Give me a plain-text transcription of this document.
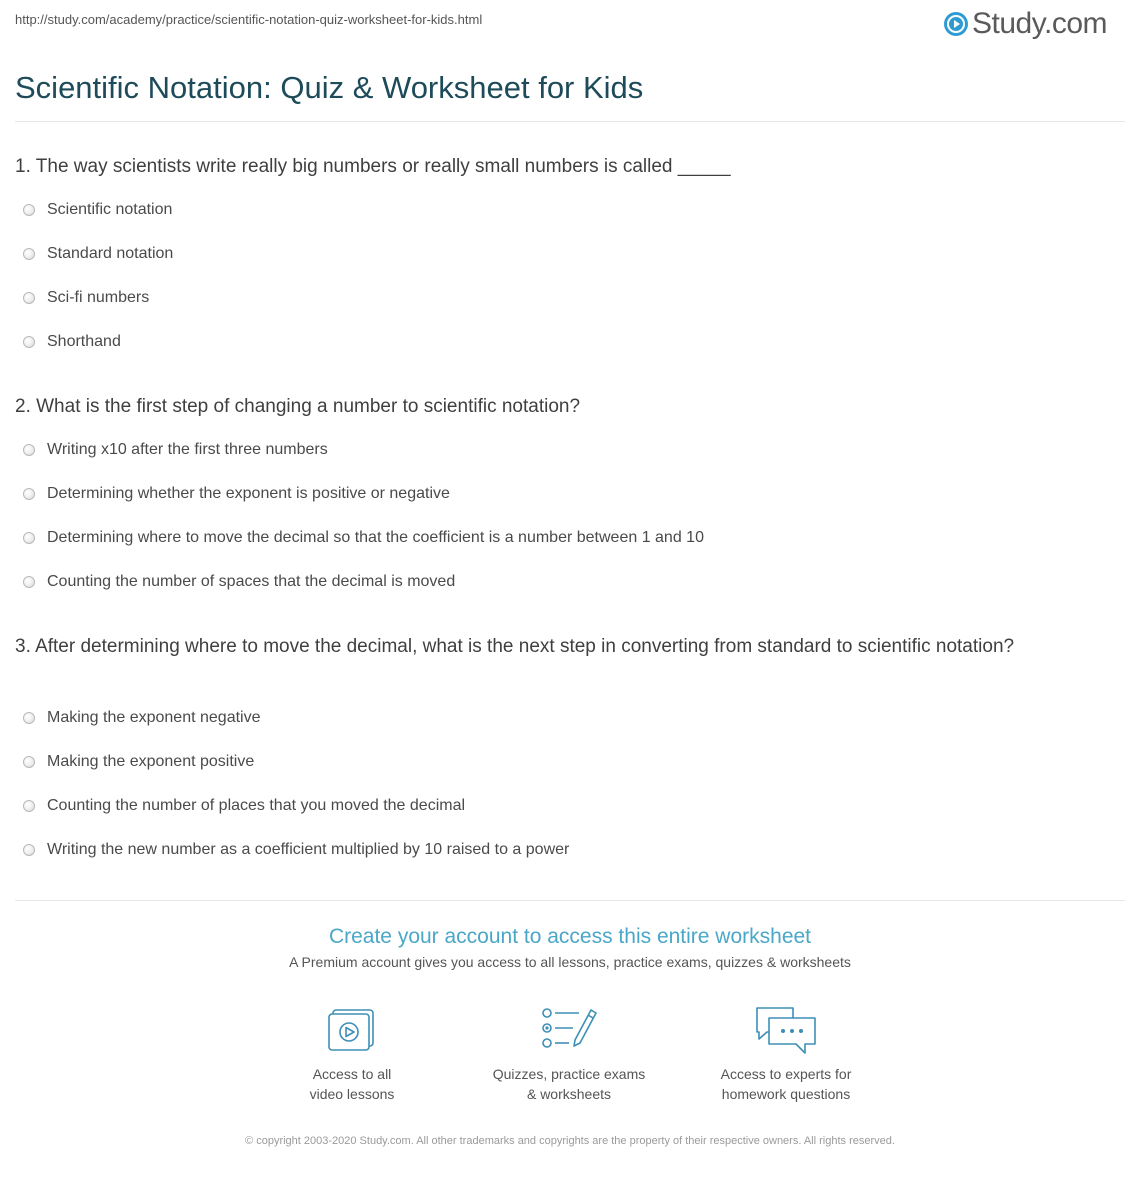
http://study.com/academy/practice/scientific-notation-quiz-worksheet-for-kids.html	Study.com
Scientific Notation: Quiz & Worksheet for Kids
1. The way scientists write really big numbers or really small numbers is called _____
Scientific notation
Standard notation
Sci-fi numbers
Shorthand
2. What is the first step of changing a number to scientific notation?
Writing x10 after the first three numbers
Determining whether the exponent is positive or negative
Determining where to move the decimal so that the coefficient is a number between 1 and 10
Counting the number of spaces that the decimal is moved
3. After determining where to move the decimal, what is the next step in converting from standard to scientific notation?
Making the exponent negative
Making the exponent positive
Counting the number of places that you moved the decimal
Writing the new number as a coefficient multiplied by 10 raised to a power
Create your account to access this entire worksheet
A Premium account gives you access to all lessons, practice exams, quizzes & worksheets
Access to all
video lessons
Quizzes, practice exams
& worksheets
Access to experts for
homework questions
© copyright 2003-2020 Study.com. All other trademarks and copyrights are the property of their respective owners. All rights reserved.
